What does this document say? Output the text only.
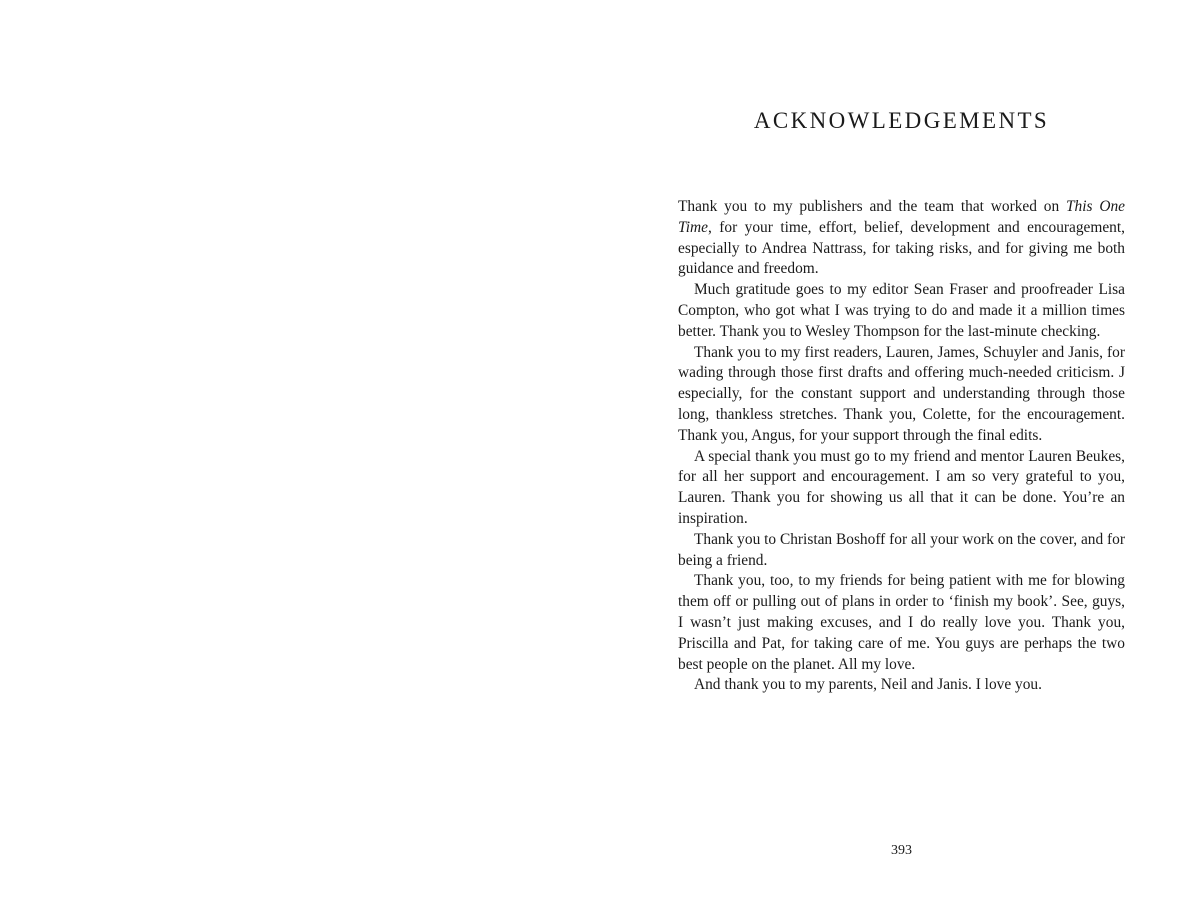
ACKNOWLEDGEMENTS

Thank you to my publishers and the team that worked on This One Time, for your time, effort, belief, development and encouragement, especially to Andrea Nattrass, for taking risks, and for giving me both guidance and freedom.

Much gratitude goes to my editor Sean Fraser and proofreader Lisa Compton, who got what I was trying to do and made it a million times better. Thank you to Wesley Thompson for the last-minute checking.

Thank you to my first readers, Lauren, James, Schuyler and Janis, for wading through those first drafts and offering much-needed criticism. J especially, for the constant support and understanding through those long, thankless stretches. Thank you, Colette, for the encouragement. Thank you, Angus, for your support through the final edits.

A special thank you must go to my friend and mentor Lauren Beukes, for all her support and encouragement. I am so very grateful to you, Lauren. Thank you for showing us all that it can be done. You’re an inspiration.

Thank you to Christan Boshoff for all your work on the cover, and for being a friend.

Thank you, too, to my friends for being patient with me for blowing them off or pulling out of plans in order to ‘finish my book’. See, guys, I wasn’t just making excuses, and I do really love you. Thank you, Priscilla and Pat, for taking care of me. You guys are perhaps the two best people on the planet. All my love.

And thank you to my parents, Neil and Janis. I love you.

393
